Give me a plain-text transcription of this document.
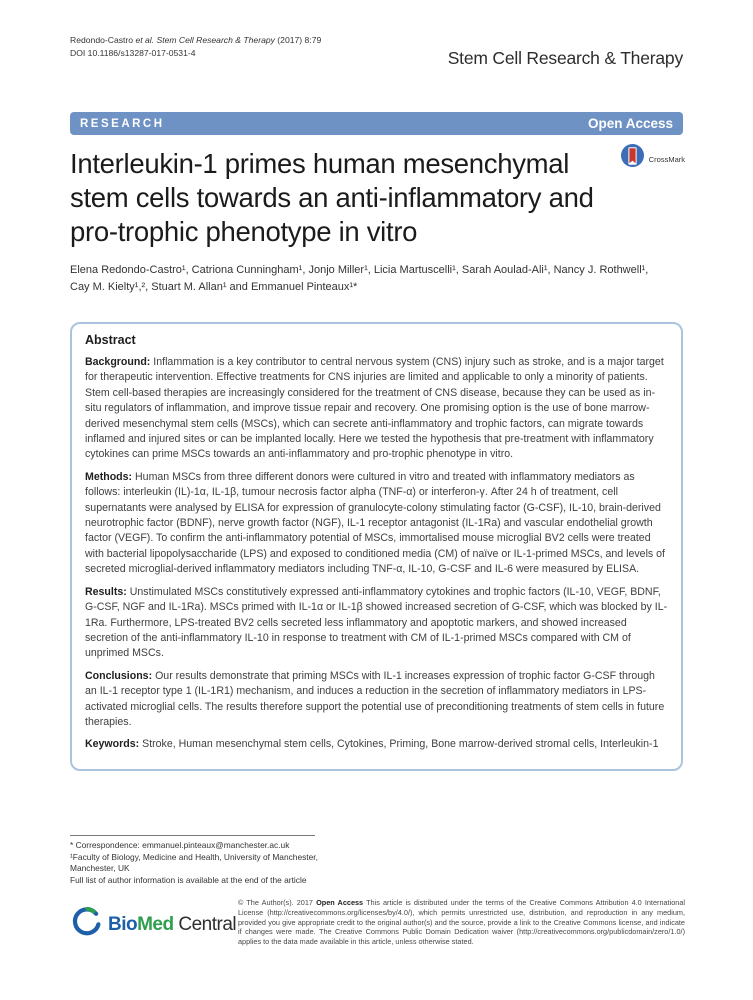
Redondo-Castro et al. Stem Cell Research & Therapy (2017) 8:79
DOI 10.1186/s13287-017-0531-4	Stem Cell Research & Therapy
RESEARCH	Open Access
Interleukin-1 primes human mesenchymal stem cells towards an anti-inflammatory and pro-trophic phenotype in vitro
CrossMark
Elena Redondo-Castro¹, Catriona Cunningham¹, Jonjo Miller¹, Licia Martuscelli¹, Sarah Aoulad-Ali¹, Nancy J. Rothwell¹, Cay M. Kielty¹,², Stuart M. Allan¹ and Emmanuel Pinteaux¹*
Abstract

Background: Inflammation is a key contributor to central nervous system (CNS) injury such as stroke, and is a major target for therapeutic intervention. Effective treatments for CNS injuries are limited and applicable to only a minority of patients. Stem cell-based therapies are increasingly considered for the treatment of CNS disease, because they can be used as in-situ regulators of inflammation, and improve tissue repair and recovery. One promising option is the use of bone marrow-derived mesenchymal stem cells (MSCs), which can secrete anti-inflammatory and trophic factors, can migrate towards inflamed and injured sites or can be implanted locally. Here we tested the hypothesis that pre-treatment with inflammatory cytokines can prime MSCs towards an anti-inflammatory and pro-trophic phenotype in vitro.

Methods: Human MSCs from three different donors were cultured in vitro and treated with inflammatory mediators as follows: interleukin (IL)-1α, IL-1β, tumour necrosis factor alpha (TNF-α) or interferon-γ. After 24 h of treatment, cell supernatants were analysed by ELISA for expression of granulocyte-colony stimulating factor (G-CSF), IL-10, brain-derived neurotrophic factor (BDNF), nerve growth factor (NGF), IL-1 receptor antagonist (IL-1Ra) and vascular endothelial growth factor (VEGF). To confirm the anti-inflammatory potential of MSCs, immortalised mouse microglial BV2 cells were treated with bacterial lipopolysaccharide (LPS) and exposed to conditioned media (CM) of naïve or IL-1-primed MSCs, and levels of secreted microglial-derived inflammatory mediators including TNF-α, IL-10, G-CSF and IL-6 were measured by ELISA.

Results: Unstimulated MSCs constitutively expressed anti-inflammatory cytokines and trophic factors (IL-10, VEGF, BDNF, G-CSF, NGF and IL-1Ra). MSCs primed with IL-1α or IL-1β showed increased secretion of G-CSF, which was blocked by IL-1Ra. Furthermore, LPS-treated BV2 cells secreted less inflammatory and apoptotic markers, and showed increased secretion of the anti-inflammatory IL-10 in response to treatment with CM of IL-1-primed MSCs compared with CM of unprimed MSCs.

Conclusions: Our results demonstrate that priming MSCs with IL-1 increases expression of trophic factor G-CSF through an IL-1 receptor type 1 (IL-1R1) mechanism, and induces a reduction in the secretion of inflammatory mediators in LPS-activated microglial cells. The results therefore support the potential use of preconditioning treatments of stem cells in future therapies.

Keywords: Stroke, Human mesenchymal stem cells, Cytokines, Priming, Bone marrow-derived stromal cells, Interleukin-1

* Correspondence: emmanuel.pinteaux@manchester.ac.uk
¹Faculty of Biology, Medicine and Health, University of Manchester, Manchester, UK
Full list of author information is available at the end of the article
BioMed Central
© The Author(s). 2017 Open Access This article is distributed under the terms of the Creative Commons Attribution 4.0 International License (http://creativecommons.org/licenses/by/4.0/), which permits unrestricted use, distribution, and reproduction in any medium, provided you give appropriate credit to the original author(s) and the source, provide a link to the Creative Commons license, and indicate if changes were made. The Creative Commons Public Domain Dedication waiver (http://creativecommons.org/publicdomain/zero/1.0/) applies to the data made available in this article, unless otherwise stated.
